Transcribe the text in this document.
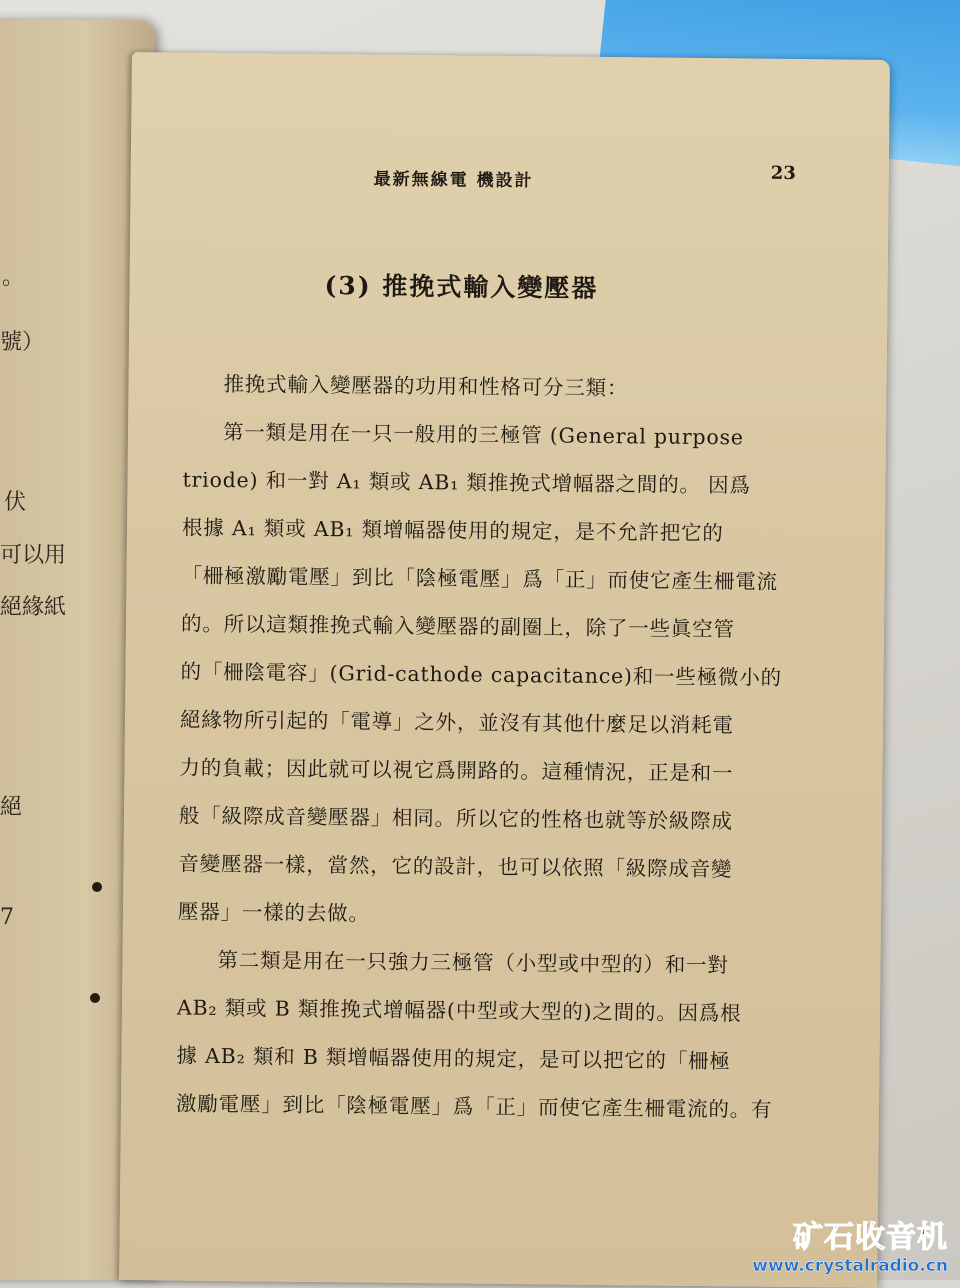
。
號）
伏
可以用
絕緣紙
絕
7
最新無線電 機設計	23
(3) 推挽式輸入變壓器
推挽式輸入變壓器的功用和性格可分三類：
第一類是用在一只一般用的三極管 (General purpose
triode) 和一對 A₁ 類或 AB₁ 類推挽式增幅器之間的。 因爲
根據 A₁ 類或 AB₁ 類增幅器使用的規定，是不允許把它的
「柵極激勵電壓」到比「陰極電壓」爲「正」而使它產生柵電流
的。所以這類推挽式輸入變壓器的副圈上，除了一些眞空管
的「柵陰電容」(Grid-cathode capacitance)和一些極微小的
絕緣物所引起的「電導」之外，並沒有其他什麼足以消耗電
力的負載；因此就可以視它爲開路的。這種情況，正是和一
般「級際成音變壓器」相同。所以它的性格也就等於級際成
音變壓器一樣，當然，它的設計，也可以依照「級際成音變
壓器」一樣的去做。
第二類是用在一只強力三極管（小型或中型的）和一對
AB₂ 類或 B 類推挽式增幅器(中型或大型的)之間的。因爲根
據 AB₂ 類和 B 類增幅器使用的規定，是可以把它的「柵極
激勵電壓」到比「陰極電壓」爲「正」而使它產生柵電流的。有
矿石收音机
www.crystalradio.cn
